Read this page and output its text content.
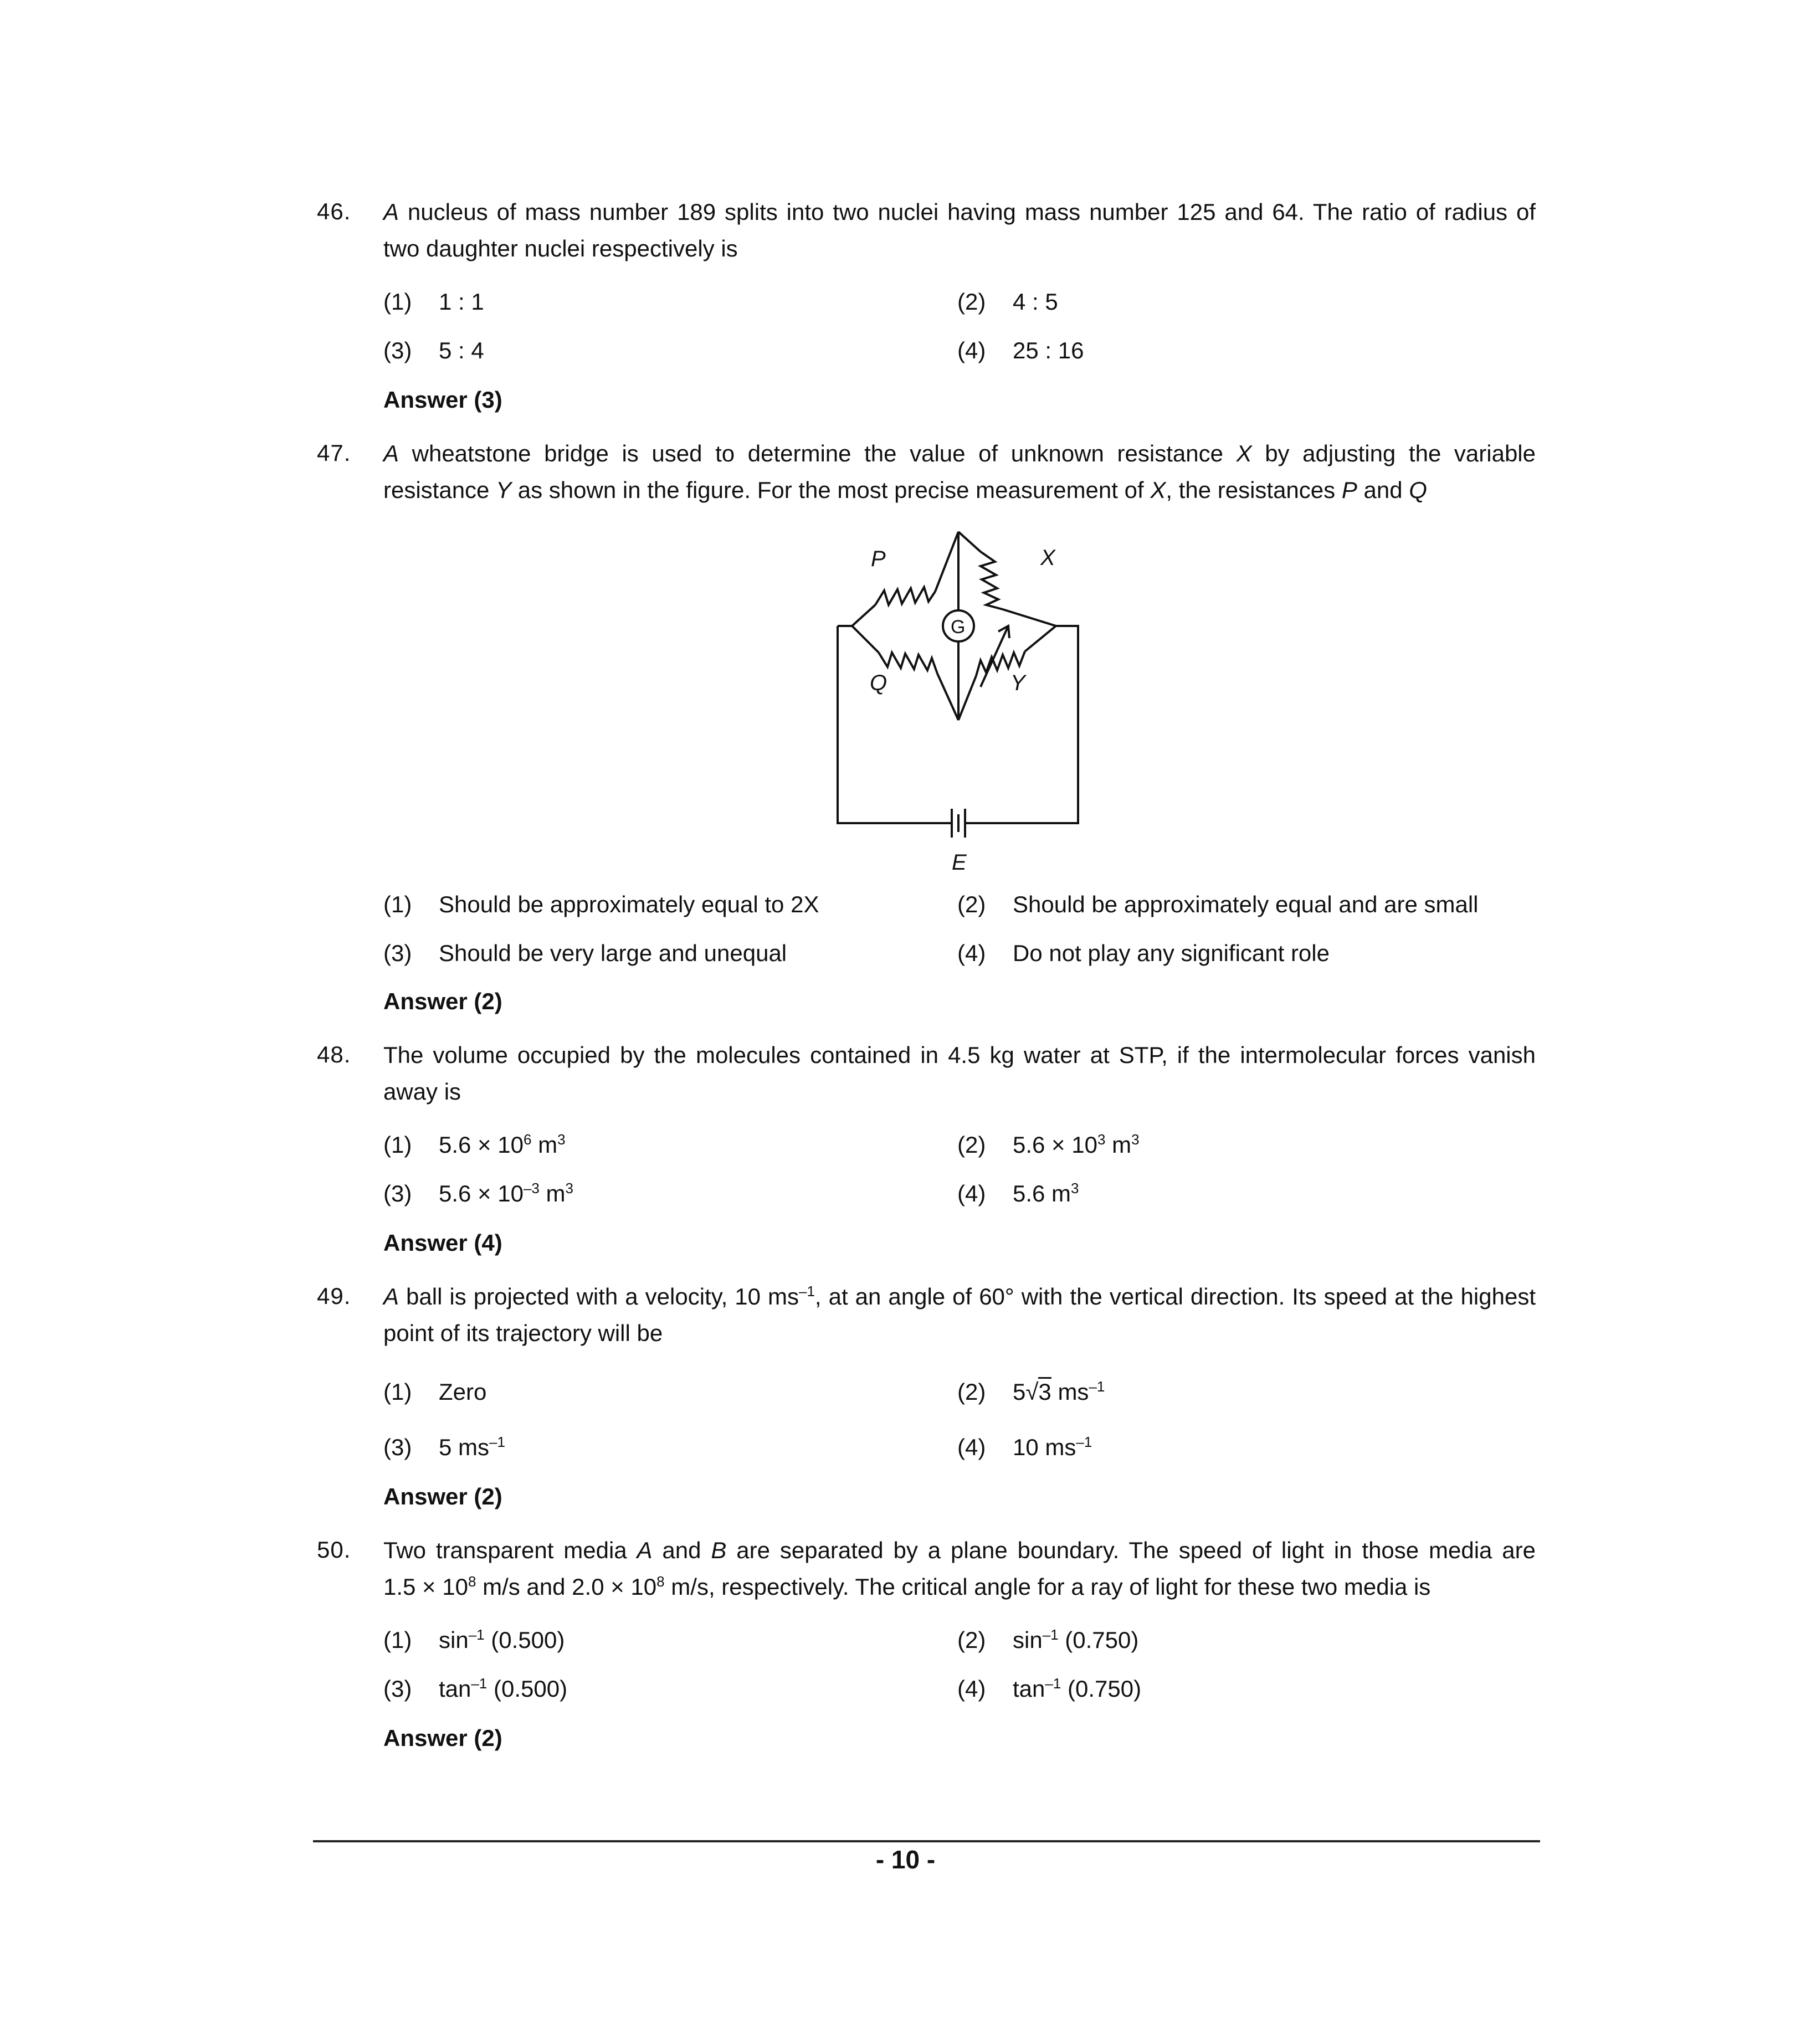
46. A nucleus of mass number 189 splits into two nuclei having mass number 125 and 64. The ratio of radius of
two daughter nuclei respectively is
(1) 1 : 1	(2) 4 : 5
(3) 5 : 4	(4) 25 : 16
Answer (3)
47. A wheatstone bridge is used to determine the value of unknown resistance X by adjusting the variable
resistance Y as shown in the figure. For the most precise measurement of X, the resistances P and Q
P	X
Q	Y
G
E
(1) Should be approximately equal to 2X	(2) Should be approximately equal and are small
(3) Should be very large and unequal	(4) Do not play any significant role
Answer (2)
48. The volume occupied by the molecules contained in 4.5 kg water at STP, if the intermolecular forces vanish
away is
(1) $5.6 \times 10^6$ $m^3$	(2) $5.6 \times 10^3$ $m^3$
(3) $5.6 \times 10^{-3}$ $m^3$	(4) 5.6 $m^3$
Answer (4)
49. A ball is projected with a velocity, 10 $ms^{-1}$, at an angle of 60° with the vertical direction. Its speed at the highest
point of its trajectory will be
(1) Zero	(2) 5√3 $ms^{-1}$
(3) 5 $ms^{-1}$	(4) 10 $ms^{-1}$
Answer (2)
50. Two transparent media A and B are separated by a plane boundary. The speed of light in those media are
$1.5 \times 10^8$ m/s and $2.0 \times 10^8$ m/s, respectively. The critical angle for a ray of light for these two media is
(1) $\sin^{-1} (0.500)$	(2) $\sin^{-1} (0.750)$
(3) $\tan^{-1} (0.500)$	(4) $\tan^{-1} (0.750)$
Answer (2)
- 10 -
